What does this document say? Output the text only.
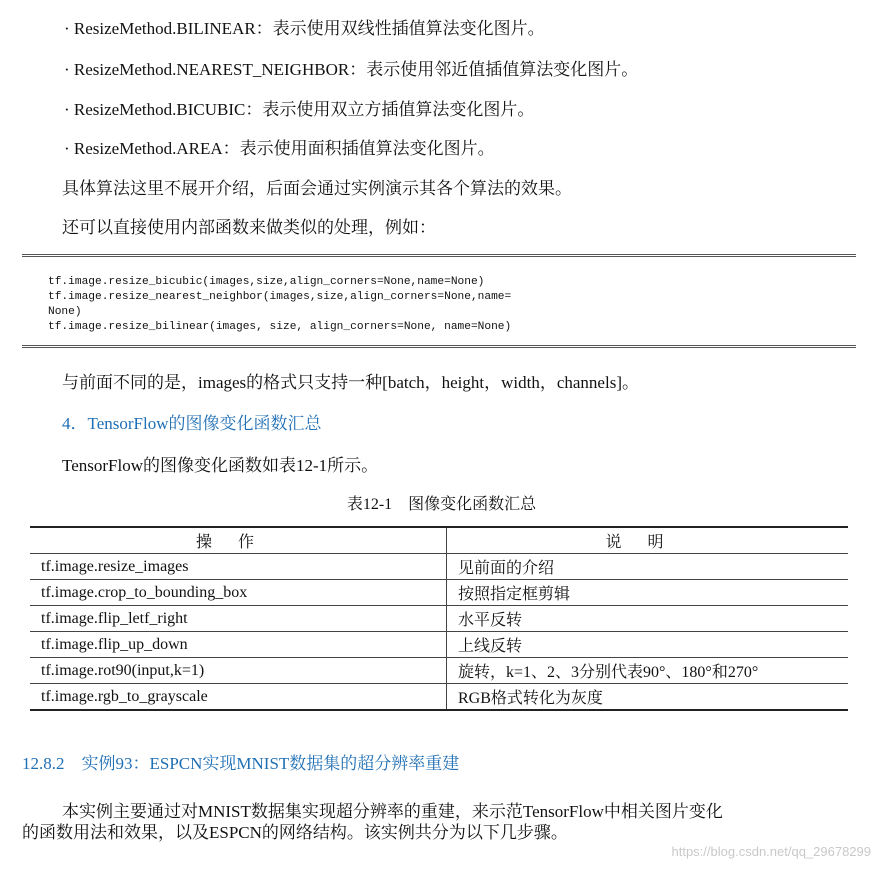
· ResizeMethod.BILINEAR：表示使用双线性插值算法变化图片。
· ResizeMethod.NEAREST_NEIGHBOR：表示使用邻近值插值算法变化图片。
· ResizeMethod.BICUBIC：表示使用双立方插值算法变化图片。
· ResizeMethod.AREA：表示使用面积插值算法变化图片。
具体算法这里不展开介绍，后面会通过实例演示其各个算法的效果。
还可以直接使用内部函数来做类似的处理，例如：
tf.image.resize_bicubic(images,size,align_corners=None,name=None)
tf.image.resize_nearest_neighbor(images,size,align_corners=None,name=
None)
tf.image.resize_bilinear(images, size, align_corners=None, name=None)
与前面不同的是，images的格式只支持一种[batch，height，width，channels]。
4．TensorFlow的图像变化函数汇总
TensorFlow的图像变化函数如表12-1所示。
表12-1　图像变化函数汇总
操作	说明
tf.image.resize_images	见前面的介绍
tf.image.crop_to_bounding_box	按照指定框剪辑
tf.image.flip_letf_right	水平反转
tf.image.flip_up_down	上线反转
tf.image.rot90(input,k=1)	旋转，k=1、2、3分别代表90°、180°和270°
tf.image.rgb_to_grayscale	RGB格式转化为灰度
12.8.2　实例93：ESPCN实现MNIST数据集的超分辨率重建
本实例主要通过对MNIST数据集实现超分辨率的重建，来示范TensorFlow中相关图片变化
的函数用法和效果，以及ESPCN的网络结构。该实例共分为以下几步骤。
https://blog.csdn.net/qq_29678299
